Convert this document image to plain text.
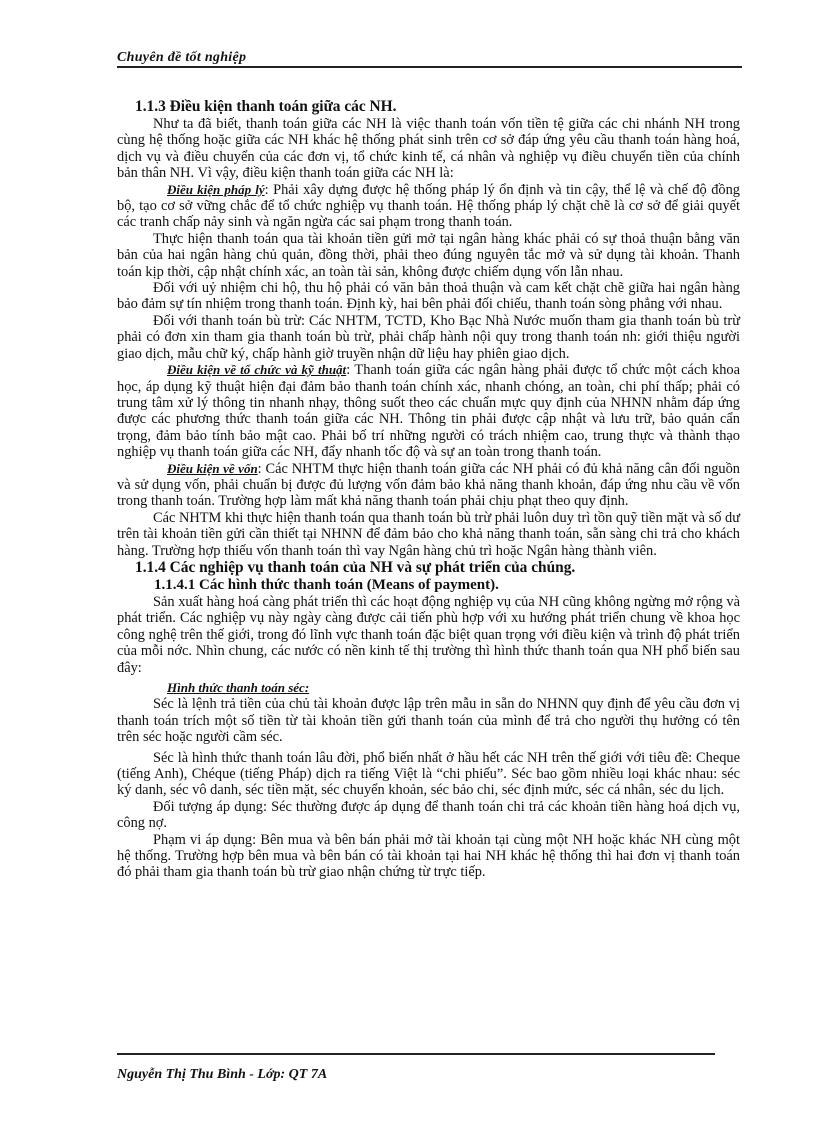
Chuyên đề tốt nghiệp

1.1.3 Điều kiện thanh toán giữa các NH.

Như ta đã biết, thanh toán giữa các NH là việc thanh toán vốn tiền tệ giữa các chi nhánh NH trong cùng hệ thống hoặc giữa các NH khác hệ thống phát sinh trên cơ sở đáp ứng yêu cầu thanh toán hàng hoá, dịch vụ và điều chuyển của các đơn vị, tổ chức kinh tế, cá nhân và nghiệp vụ điều chuyển tiền của chính bản thân NH. Vì vậy, điều kiện thanh toán giữa các NH là:

Điều kiện pháp lý: Phải xây dựng được hệ thống pháp lý ổn định và tin cậy, thể lệ và chế độ đồng bộ, tạo cơ sở vững chắc để tổ chức nghiệp vụ thanh toán. Hệ thống pháp lý chặt chẽ là cơ sở để giải quyết các tranh chấp nảy sinh và ngăn ngừa các sai phạm trong thanh toán.

Thực hiện thanh toán qua tài khoản tiền gửi mở tại ngân hàng khác phải có sự thoả thuận bằng văn bản của hai ngân hàng chủ quản, đồng thời, phải theo đúng nguyên tắc mở và sử dụng tài khoản. Thanh toán kịp thời, cập nhật chính xác, an toàn tài sản, không được chiếm dụng vốn lẫn nhau.

Đối với uỷ nhiệm chi hộ, thu hộ phải có văn bản thoả thuận và cam kết chặt chẽ giữa hai ngân hàng bảo đảm sự tín nhiệm trong thanh toán. Định kỳ, hai bên phải đối chiếu, thanh toán sòng phẳng với nhau.

Đối với thanh toán bù trừ: Các NHTM, TCTD, Kho Bạc Nhà Nước muốn tham gia thanh toán bù trừ phải có đơn xin tham gia thanh toán bù trừ, phải chấp hành nội quy trong thanh toán nh: giới thiệu người giao dịch, mẫu chữ ký, chấp hành giờ truyền nhận dữ liệu hay phiên giao dịch.

Điều kiện về tổ chức và kỹ thuật: Thanh toán giữa các ngân hàng phải được tổ chức một cách khoa học, áp dụng kỹ thuật hiện đại đảm bảo thanh toán chính xác, nhanh chóng, an toàn, chi phí thấp; phải có trung tâm xử lý thông tin nhanh nhạy, thông suốt theo các chuẩn mực quy định của NHNN nhằm đáp ứng được các phương thức thanh toán giữa các NH. Thông tin phải được cập nhật và lưu trữ, bảo quản cẩn trọng, đảm bảo tính bảo mật cao. Phải bố trí những người có trách nhiệm cao, trung thực và thành thạo nghiệp vụ thanh toán giữa các NH, đẩy nhanh tốc độ và sự an toàn trong thanh toán.

Điều kiện về vốn: Các NHTM thực hiện thanh toán giữa các NH phải có đủ khả năng cân đối nguồn và sử dụng vốn, phải chuẩn bị được đủ lượng vốn đảm bảo khả năng thanh khoản, đáp ứng nhu cầu về vốn trong thanh toán. Trường hợp làm mất khả năng thanh toán phải chịu phạt theo quy định.

Các NHTM khi thực hiện thanh toán qua thanh toán bù trừ phải luôn duy trì tồn quỹ tiền mặt và số dư trên tài khoản tiền gửi cần thiết tại NHNN để đảm bảo cho khả năng thanh toán, sẵn sàng chi trả cho khách hàng. Trường hợp thiếu vốn thanh toán thì vay Ngân hàng chủ trì hoặc Ngân hàng thành viên.

1.1.4 Các nghiệp vụ thanh toán của NH và sự phát triển của chúng.

1.1.4.1 Các hình thức thanh toán (Means of payment).

Sản xuất hàng hoá càng phát triển thì các hoạt động nghiệp vụ của NH cũng không ngừng mở rộng và phát triển. Các nghiệp vụ này ngày càng được cải tiến phù hợp với xu hướng phát triển chung về khoa học công nghệ trên thế giới, trong đó lĩnh vực thanh toán đặc biệt quan trọng với điều kiện và trình độ phát triển của mỗi nớc. Nhìn chung, các nước có nền kinh tế thị trường thì hình thức thanh toán qua NH phổ biến sau đây:

Hình thức thanh toán séc:

Séc là lệnh trả tiền của chủ tài khoản được lập trên mẫu in sẵn do NHNN quy định để yêu cầu đơn vị thanh toán trích một số tiền từ tài khoản tiền gửi thanh toán của mình để trả cho người thụ hưởng có tên trên séc hoặc người cầm séc.

Séc là hình thức thanh toán lâu đời, phổ biến nhất ở hầu hết các NH trên thế giới với tiêu đề: Cheque (tiếng Anh), Chéque (tiếng Pháp) dịch ra tiếng Việt là “chi phiếu”. Séc bao gồm nhiều loại khác nhau: séc ký danh, séc vô danh, séc tiền mặt, séc chuyển khoản, séc bảo chi, séc định mức, séc cá nhân, séc du lịch.

Đối tượng áp dụng: Séc thường được áp dụng để thanh toán chi trả các khoản tiền hàng hoá dịch vụ, công nợ.

Phạm vi áp dụng: Bên mua và bên bán phải mở tài khoản tại cùng một NH hoặc khác NH cùng một hệ thống. Trường hợp bên mua và bên bán có tài khoản tại hai NH khác hệ thống thì hai đơn vị thanh toán đó phải tham gia thanh toán bù trừ giao nhận chứng từ trực tiếp.

Nguyễn Thị Thu Bình - Lớp: QT 7A
